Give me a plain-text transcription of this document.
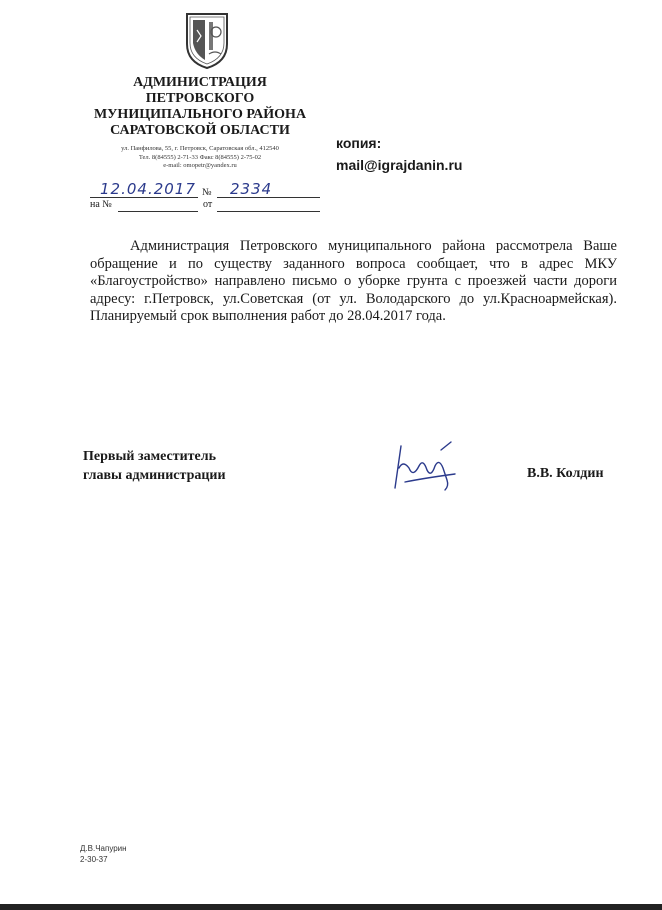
АДМИНИСТРАЦИЯ
ПЕТРОВСКОГО
МУНИЦИПАЛЬНОГО РАЙОНА
САРАТОВСКОЙ ОБЛАСТИ
ул. Панфилова, 55, г. Петровск, Саратовская обл., 412540
Тел. 8(84555) 2-71-33 Факс 8(84555) 2-75-02
e-mail: omopetr@yandex.ru
12.04.2017 № 2334
на №	от
копия:
mail@igrajdanin.ru

Администрация Петровского муниципального района рассмотрела Ваше обращение и по существу заданного вопроса сообщает, что в адрес МКУ «Благоустройство» направлено письмо о уборке грунта с проезжей части дороги адресу: г.Петровск, ул.Советская (от ул. Володарского до ул.Красноармейская). Планируемый срок выполнения работ до 28.04.2017 года.

Первый заместитель
главы администрации	В.В. Колдин
Д.В.Чапурин
2-30-37
